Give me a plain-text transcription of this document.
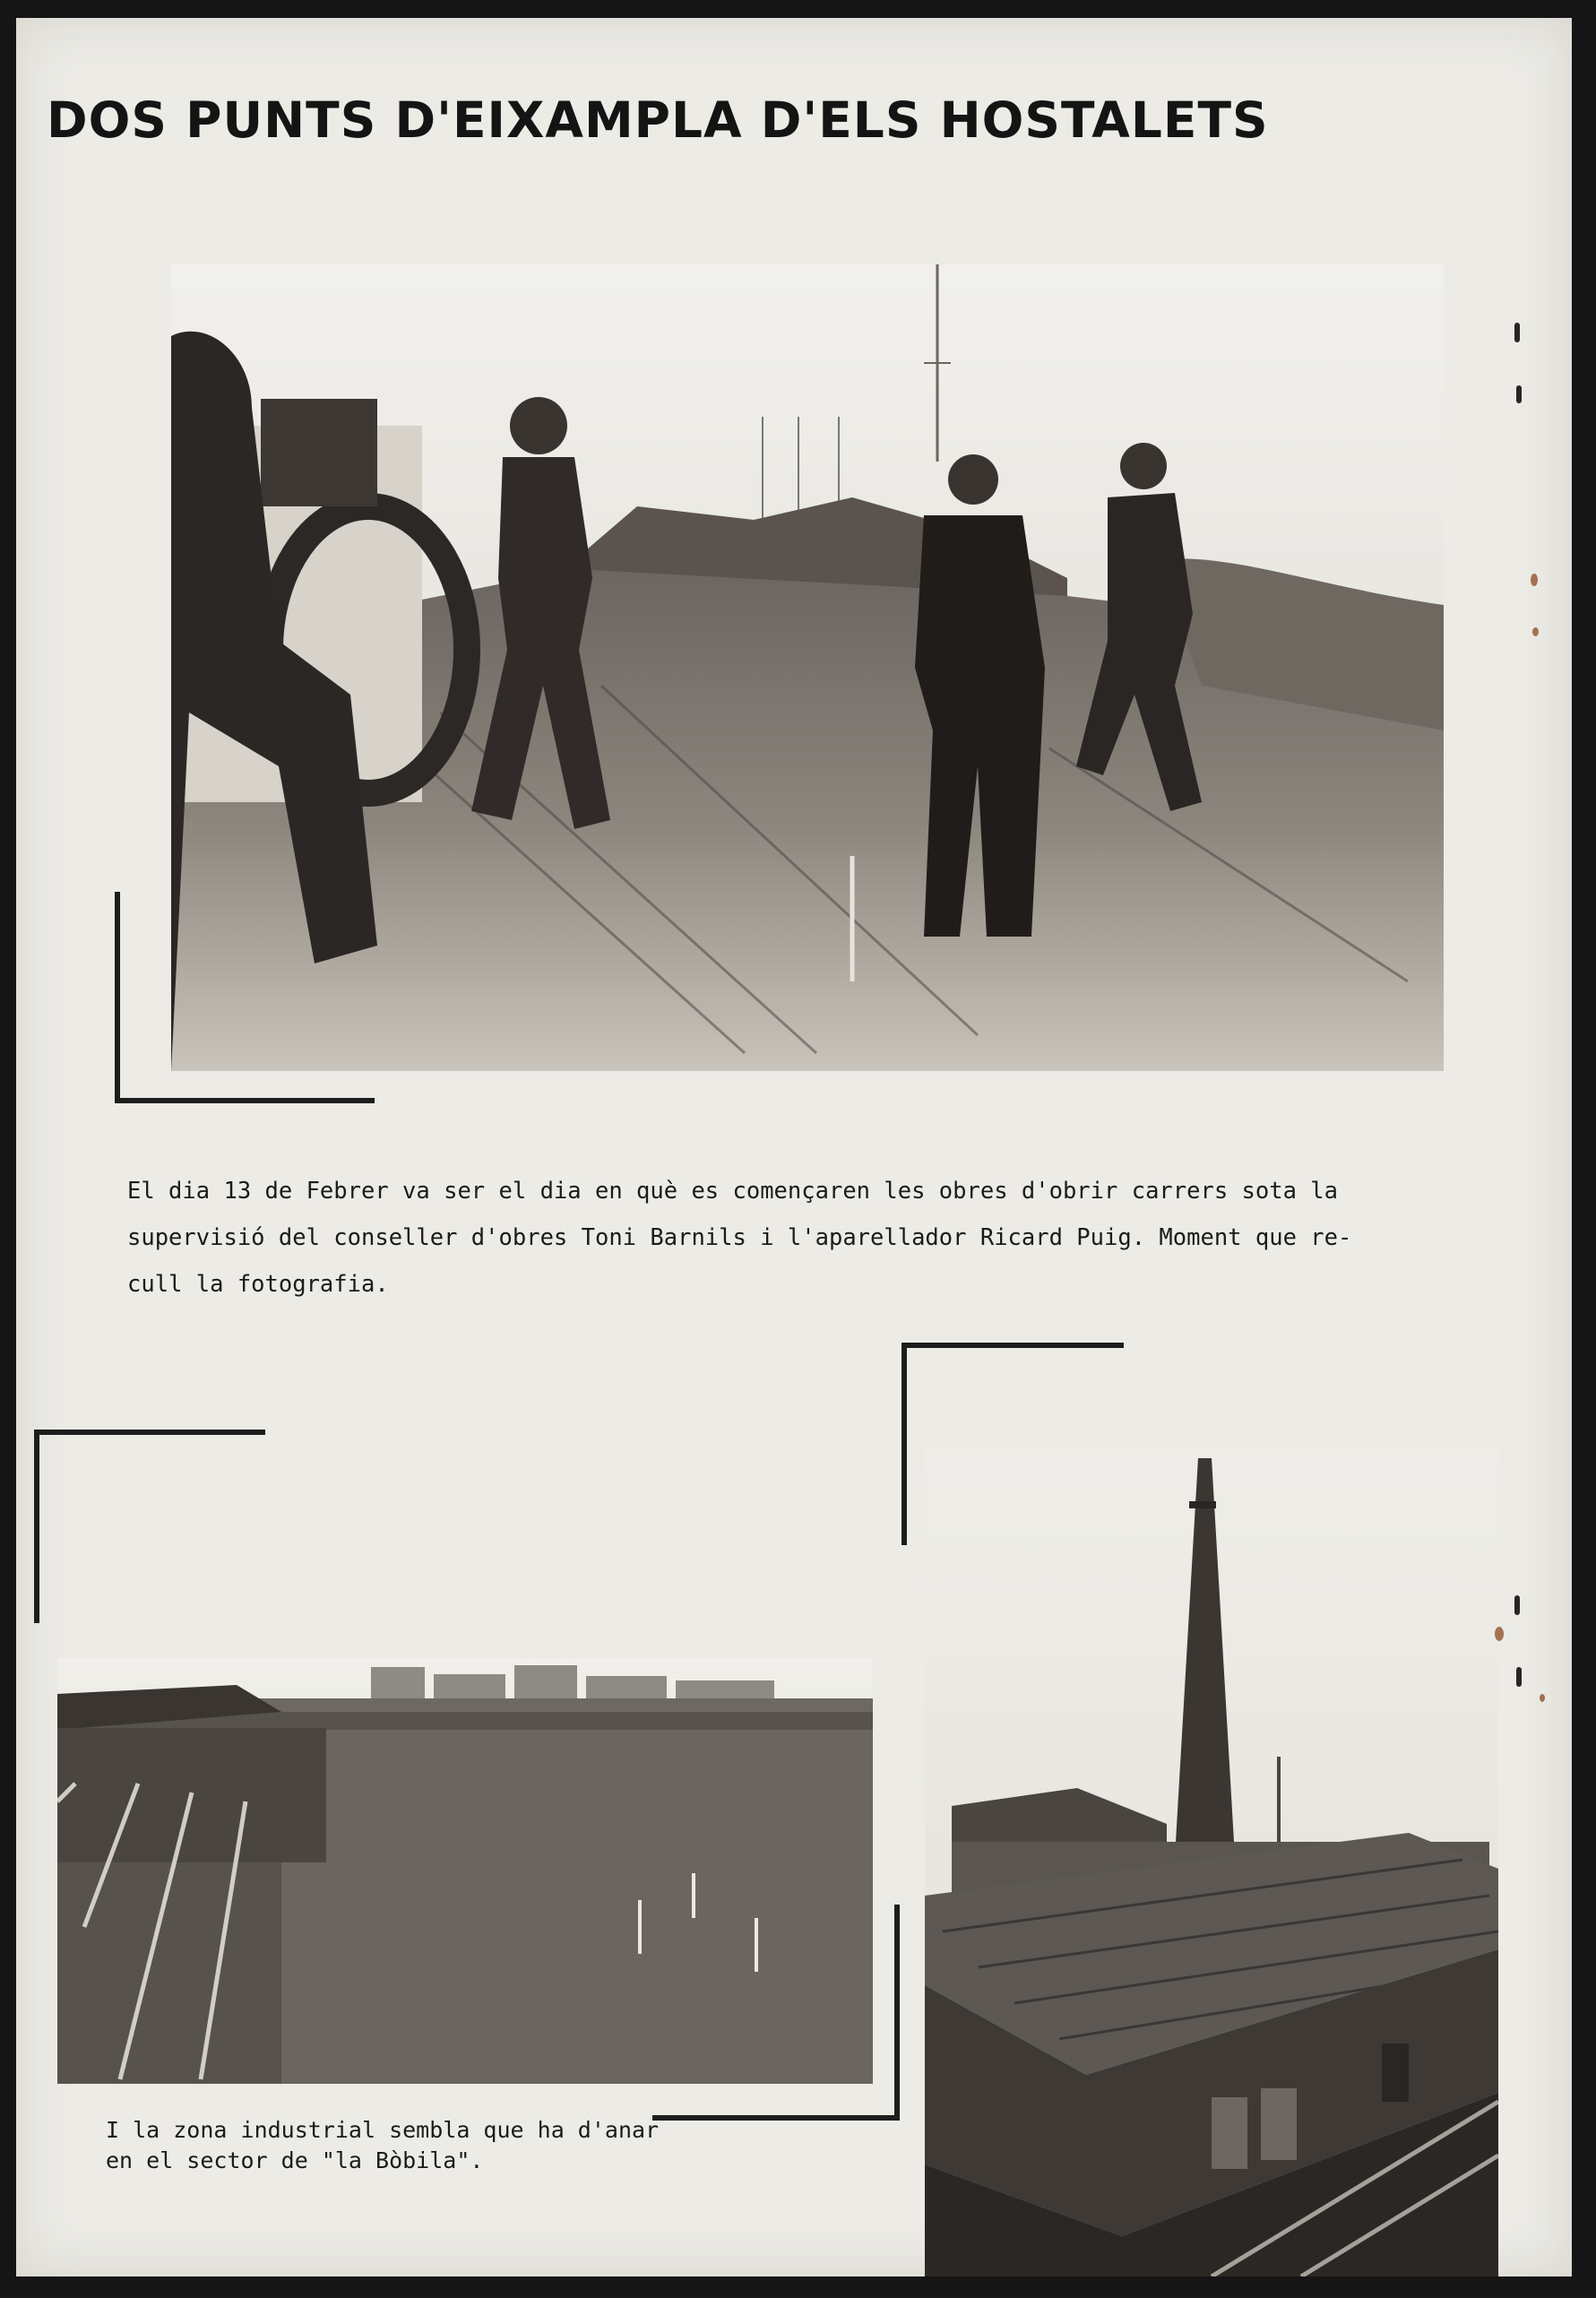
DOS PUNTS D'EIXAMPLA D'ELS HOSTALETS

El dia 13 de Febrer va ser el dia en què es començaren les obres d'obrir carrers sota la
supervisió del conseller d'obres Toni Barnils i l'aparellador Ricard Puig. Moment que re-
cull la fotografia.

I la zona industrial sembla que ha d'anar
en el sector de "la Bòbila".
